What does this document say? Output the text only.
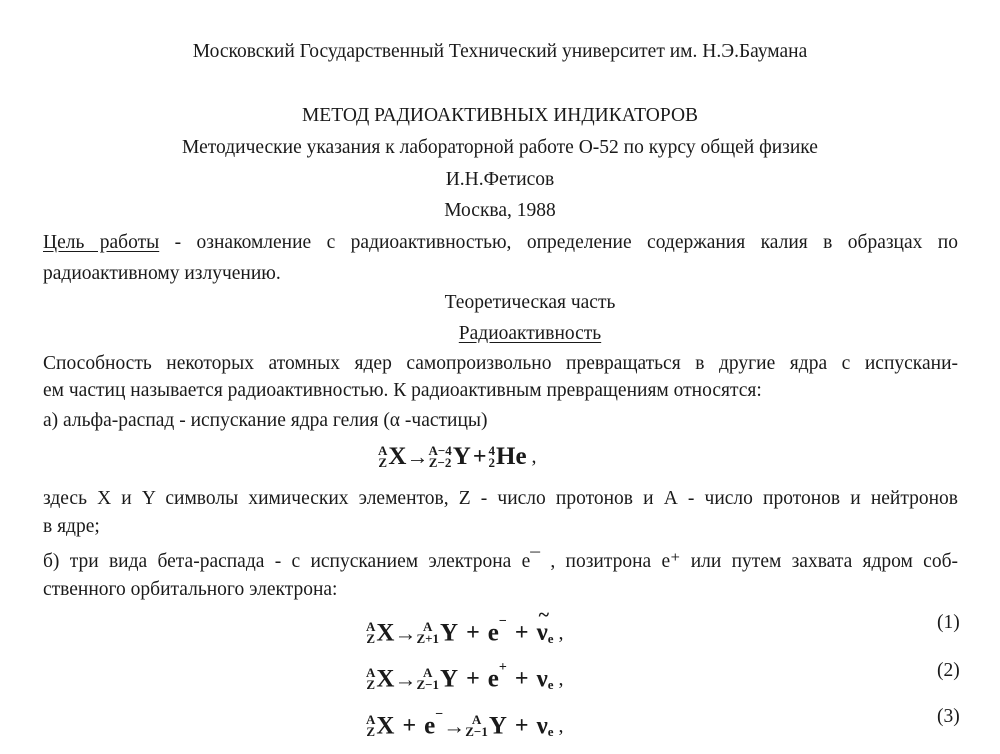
Московский Государственный Технический университет им. Н.Э.Баумана
МЕТОД РАДИОАКТИВНЫХ ИНДИКАТОРОВ
Методические указания к лабораторной работе О-52 по курсу общей физике
И.Н.Фетисов
Москва, 1988
Цель работы - ознакомление с радиоактивностью, определение содержания калия в образцах по
радиоактивному излучению.
Теоретическая часть
Радиоактивность
Способность некоторых атомных ядер самопроизвольно превращаться в другие ядра с испускани-
ем частиц называется радиоактивностью. К радиоактивным превращениям относятся:
а) альфа-распад - испускание ядра гелия (α -частицы)
A
Z X→ A−4
Z−2 Y+ 4
2 He ,
здесь X и Y символы химических элементов, Z - число протонов и А - число протонов и нейтронов
в ядре;
б) три вида бета-распада - с испусканием электрона e¯ , позитрона e⁺ или путем захвата ядром соб-
ственного орбитального электрона:
A
Z X→ A
Z+1 Y + e− + ~ $\nu_e$ ,	(1)
A
Z X→ A
Z−1 $Y + e+ + \nu_e$ ,	(2)
A
Z X + e−→ A
Z−1 $Y + \nu_e$ ,	(3)
